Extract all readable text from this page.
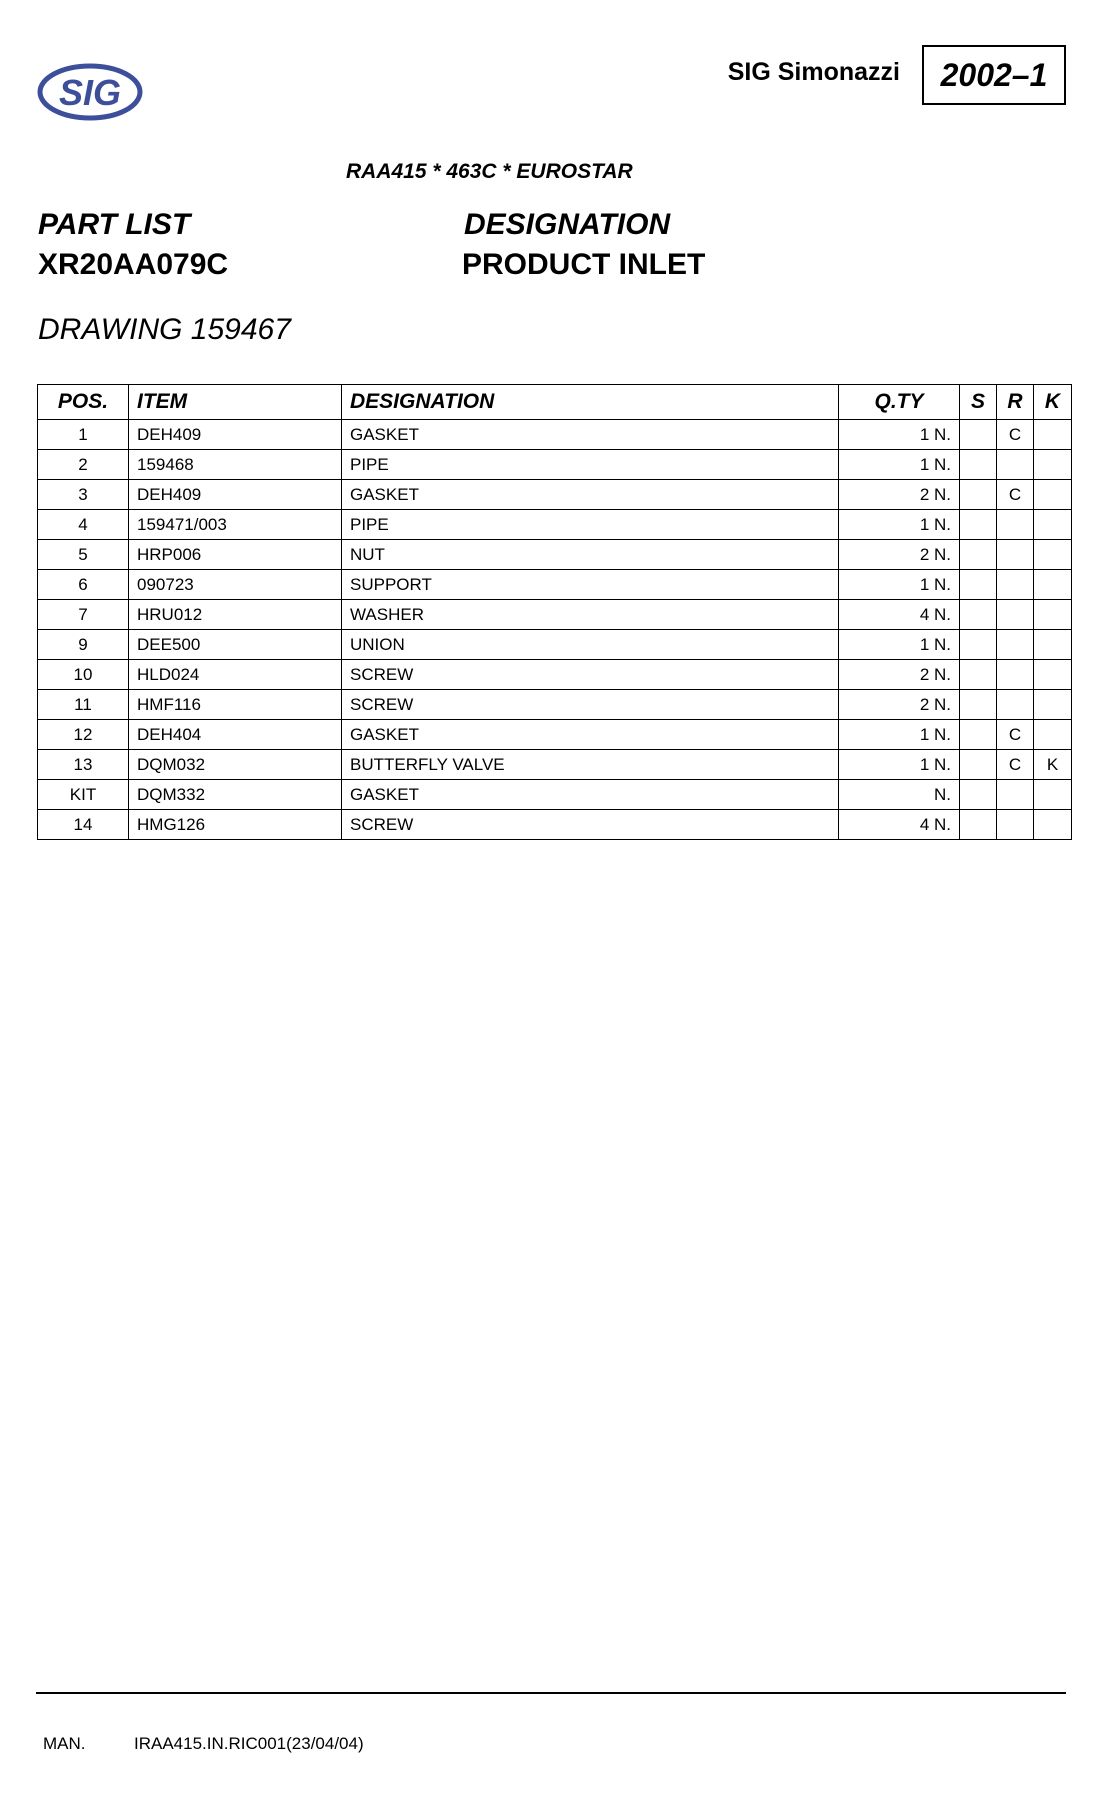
SIG	SIG Simonazzi 2002–1
RAA415 * 463C * EUROSTAR
PART LIST
XR20AA079C
DESIGNATION
PRODUCT INLET
DRAWING 159467
POS.	ITEM	DESIGNATION	Q.TY	S	R	K
1	DEH409	GASKET	1 N.		C	
2	159468	PIPE	1 N.			
3	DEH409	GASKET	2 N.		C	
4	159471/003	PIPE	1 N.			
5	HRP006	NUT	2 N.			
6	090723	SUPPORT	1 N.			
7	HRU012	WASHER	4 N.			
9	DEE500	UNION	1 N.			
10	HLD024	SCREW	2 N.			
11	HMF116	SCREW	2 N.			
12	DEH404	GASKET	1 N.		C	
13	DQM032	BUTTERFLY VALVE	1 N.		C	K
KIT	DQM332	GASKET	N.			
14	HMG126	SCREW	4 N.			
MAN.	IRAA415.IN.RIC001(23/04/04)
